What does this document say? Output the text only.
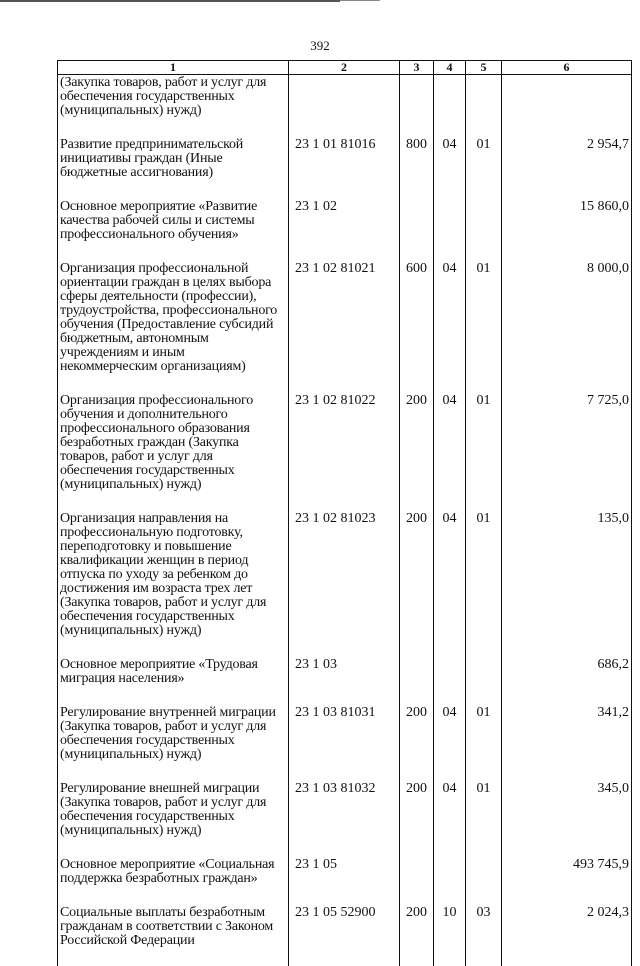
392
1	2	3	4	5	6
(Закупка товаров, работ и услуг для обеспечения государственных (муниципальных) нужд)					
Развитие предпринимательской инициативы граждан (Иные бюджетные ассигнования)	23 1 01 81016	800	04	01	2 954,7
Основное мероприятие «Развитие качества рабочей силы и системы профессионального обучения»	23 1 02				15 860,0
Организация профессиональной ориентации граждан в целях выбора сферы деятельности (профессии), трудоустройства, профессионального обучения (Предоставление субсидий бюджетным, автономным учреждениям и иным некоммерческим организациям)	23 1 02 81021	600	04	01	8 000,0
Организация профессионального обучения и дополнительного профессионального образования безработных граждан (Закупка товаров, работ и услуг для обеспечения государственных (муниципальных) нужд)	23 1 02 81022	200	04	01	7 725,0
Организация направления на профессиональную подготовку, переподготовку и повышение квалификации женщин в период отпуска по уходу за ребенком до достижения им возраста трех лет (Закупка товаров, работ и услуг для обеспечения государственных (муниципальных) нужд)	23 1 02 81023	200	04	01	135,0
Основное мероприятие «Трудовая миграция населения»	23 1 03				686,2
Регулирование внутренней миграции (Закупка товаров, работ и услуг для обеспечения государственных (муниципальных) нужд)	23 1 03 81031	200	04	01	341,2
Регулирование внешней миграции (Закупка товаров, работ и услуг для обеспечения государственных (муниципальных) нужд)	23 1 03 81032	200	04	01	345,0
Основное мероприятие «Социальная поддержка безработных граждан»	23 1 05				493 745,9
Социальные выплаты безработным гражданам в соответствии с Законом Российской Федерации	23 1 05 52900	200	10	03	2 024,3
